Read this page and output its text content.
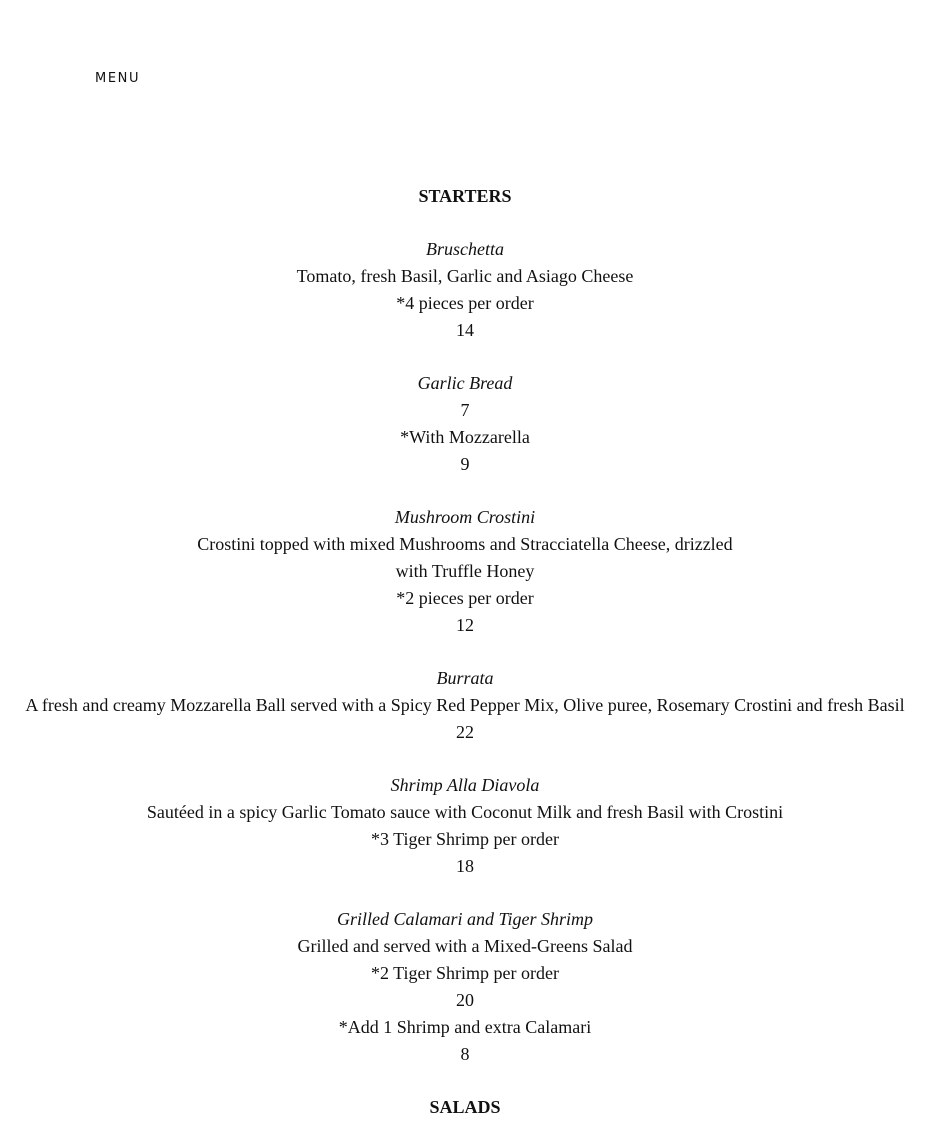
MENU
STARTERS
Bruschetta
Tomato, fresh Basil, Garlic and Asiago Cheese
*4 pieces per order
14
Garlic Bread
7
*With Mozzarella
9
Mushroom Crostini
Crostini topped with mixed Mushrooms and Stracciatella Cheese, drizzled
with Truffle Honey
*2 pieces per order
12
Burrata
A fresh and creamy Mozzarella Ball served with a Spicy Red Pepper Mix, Olive puree, Rosemary Crostini and fresh Basil
22
Shrimp Alla Diavola
Sautéed in a spicy Garlic Tomato sauce with Coconut Milk and fresh Basil with Crostini
*3 Tiger Shrimp per order
18
Grilled Calamari and Tiger Shrimp
Grilled and served with a Mixed-Greens Salad
*2 Tiger Shrimp per order
20
*Add 1 Shrimp and extra Calamari
8
SALADS
